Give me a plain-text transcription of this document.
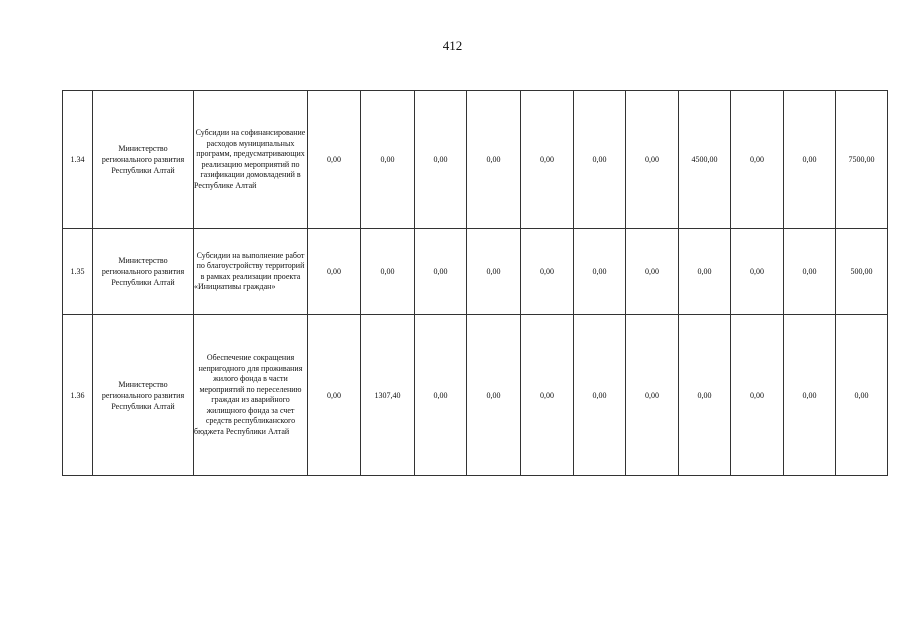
412
1.34	Министерство регионального развития Республики Алтай	Субсидии на софинансирование расходов муниципальных программ, предусматривающих реализацию мероприятий по газификации домовладений в Республике Алтай	0,00	0,00	0,00	0,00	0,00	0,00	0,00	4500,00	0,00	0,00	7500,00
1.35	Министерство регионального развития Республики Алтай	Субсидии на выполнение работ по благоустройству территорий в рамках реализации проекта «Инициативы граждан»	0,00	0,00	0,00	0,00	0,00	0,00	0,00	0,00	0,00	0,00	500,00
1.36	Министерство регионального развития Республики Алтай	Обеспечение сокращения непригодного для проживания жилого фонда в части мероприятий по переселению граждан из аварийного жилищного фонда за счет средств республиканского бюджета Республики Алтай	0,00	1307,40	0,00	0,00	0,00	0,00	0,00	0,00	0,00	0,00	0,00
